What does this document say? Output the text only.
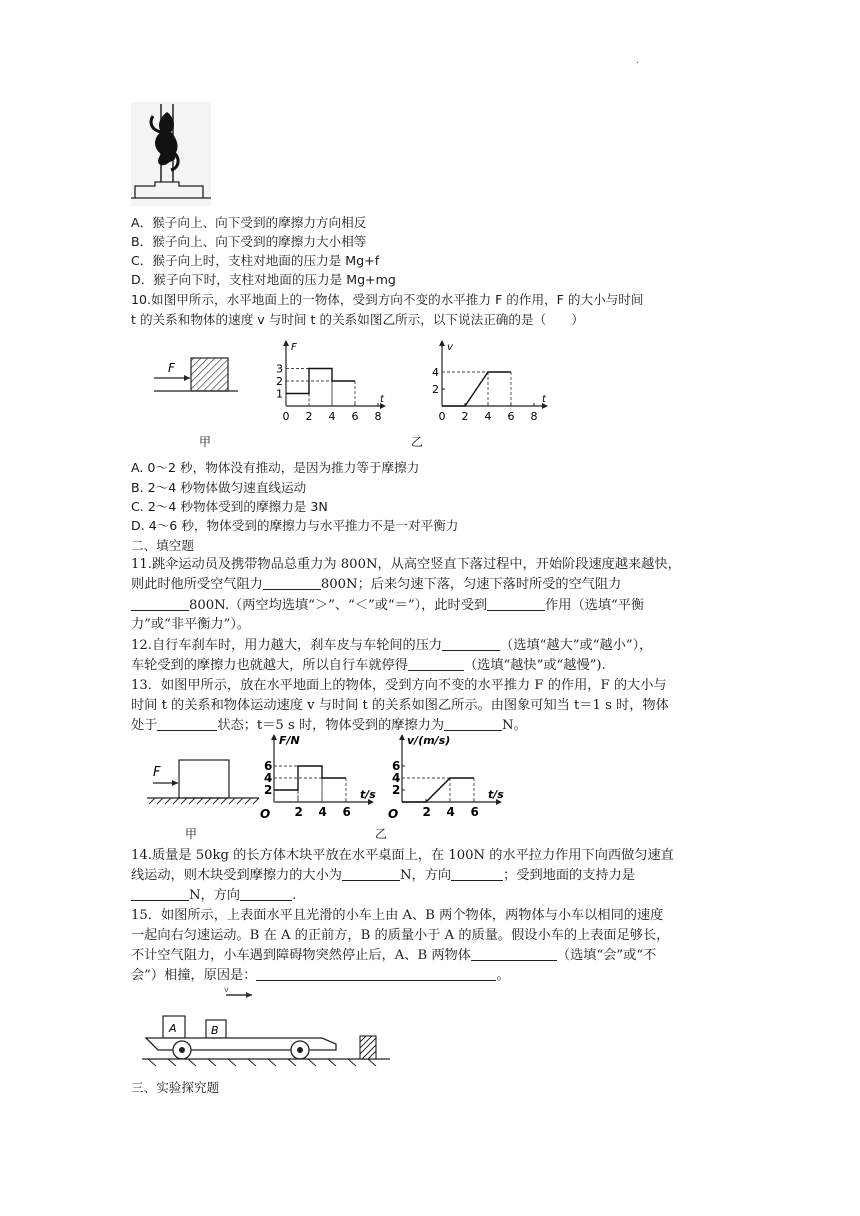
·
A．猴子向上、向下受到的摩擦力方向相反
B．猴子向上、向下受到的摩擦力大小相等
C．猴子向上时，支柱对地面的压力是 Mg+f
D．猴子向下时，支柱对地面的压力是 Mg+mg
10.如图甲所示，水平地面上的一物体，受到方向不变的水平推力 F 的作用，F 的大小与时间
t 的关系和物体的速度 v 与时间 t 的关系如图乙所示，以下说法正确的是（　　）
F
甲
t
F
0 2 4 6 8
1
2
3
t
v
0 2 4 6 8
2
4
乙
A. 0～2 秒，物体没有推动，是因为推力等于摩擦力
B. 2～4 秒物体做匀速直线运动
C. 2～4 秒物体受到的摩擦力是 3N
D. 4～6 秒，物体受到的摩擦力与水平推力不是一对平衡力
二、填空题
11.跳伞运动员及携带物品总重力为 800N，从高空竖直下落过程中，开始阶段速度越来越快，
则此时他所受空气阻力	800N；后来匀速下落，匀速下落时所受的空气阻力
800N.（两空均选填“＞”、“＜”或“＝”），此时受到	作用（选填“平衡
力”或“非平衡力”）。
12.自行车刹车时，用力越大，刹车皮与车轮间的压力	（选填“越大”或“越小”），
车轮受到的摩擦力也就越大，所以自行车就停得	（选填“越快”或“越慢”).
13．如图甲所示，放在水平地面上的物体，受到方向不变的水平推力 F 的作用，F 的大小与
时间 t 的关系和物体运动速度 v 与时间 t 的关系如图乙所示。由图象可知当 t＝1 s 时，物体
处于	状态；t＝5 s 时，物体受到的摩擦力为	N。
F
甲
t/s
F/N
O 2 4 6
2
4
6
t/s
v/(m/s)
O 2 4 6
2
4
6
乙
14.质量是 50kg 的长方体木块平放在水平桌面上，在 100N 的水平拉力作用下向西做匀速直
线运动，则木块受到摩擦力的大小为	N，方向	；受到地面的支持力是
N，方向	.
15．如图所示，上表面水平且光滑的小车上由 A、B 两个物体，两物体与小车以相同的速度
一起向右匀速运动。B 在 A 的正前方，B 的质量小于 A 的质量。假设小车的上表面足够长，
不计空气阻力，小车遇到障碍物突然停止后，A、B 两物体	（选填“会”或“不
会”）相撞，原因是：	。
v
A	B
三、实验探究题
